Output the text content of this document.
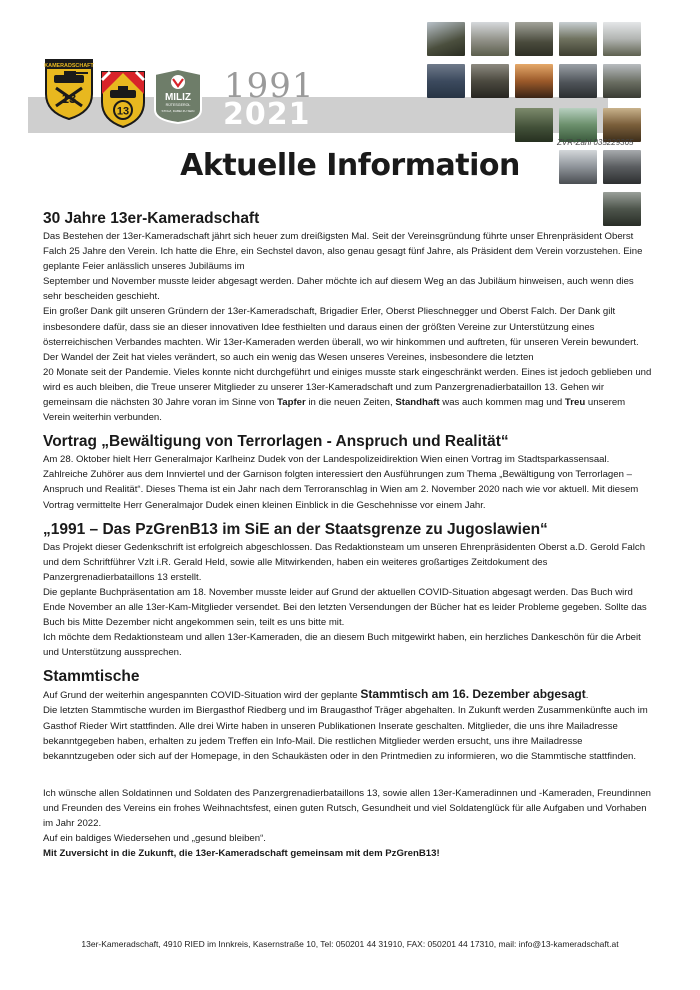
KAMERADSCHAFT
13
13
MILIZ
RÜTESGEROL
STOLZ, DABEI ZU SEIN
1991
2021
ZVR-Zahl 035229365
Aktuelle Information
30 Jahre 13er-Kameradschaft

Das Bestehen der 13er-Kameradschaft jährt sich heuer zum dreißigsten Mal. Seit der Vereinsgründung führte unser Ehrenpräsident Oberst Falch 25 Jahre den Verein. Ich hatte die Ehre, ein Sechstel davon, also genau gesagt fünf Jahre, als Präsident dem Verein vorzustehen. Eine geplante Feier anlässlich unseres Jubiläums im

September und November musste leider abgesagt werden. Daher möchte ich auf diesem Weg an das Jubiläum hinweisen, auch wenn dies sehr bescheiden geschieht.

Ein großer Dank gilt unseren Gründern der 13er-Kameradschaft, Brigadier Erler, Oberst Plieschnegger und Oberst Falch. Der Dank gilt insbesondere dafür, dass sie an dieser innovativen Idee festhielten und daraus einen der größten Vereine zur Unterstützung eines österreichischen Verbandes machten. Wir 13er-Kameraden werden überall, wo wir hinkommen und auftreten, für unseren Verein bewundert.

Der Wandel der Zeit hat vieles verändert, so auch ein wenig das Wesen unseres Vereines, insbesondere die letzten

20 Monate seit der Pandemie. Vieles konnte nicht durchgeführt und einiges musste stark eingeschränkt werden. Eines ist jedoch geblieben und wird es auch bleiben, die Treue unserer Mitglieder zu unserer 13er-Kameradschaft und zum Panzergrenadierbataillon 13. Gehen wir gemeinsam die nächsten 30 Jahre voran im Sinne von Tapfer in die neuen Zeiten, Standhaft was auch kommen mag und Treu unserem Verein weiterhin verbunden.

Vortrag „Bewältigung von Terrorlagen - Anspruch und Realität“

Am 28. Oktober hielt Herr Generalmajor Karlheinz Dudek von der Landespolizeidirektion Wien einen Vortrag im Stadtsparkassensaal. Zahlreiche Zuhörer aus dem Innviertel und der Garnison folgten interessiert den Ausführungen zum Thema „Bewältigung von Terrorlagen – Anspruch und Realität“. Dieses Thema ist ein Jahr nach dem Terroranschlag in Wien am 2. November 2020 nach wie vor aktuell. Mit diesem Vortrag vermittelte Herr Generalmajor Dudek einen kleinen Einblick in die Geschehnisse vor einem Jahr.

„1991 – Das PzGrenB13 im SiE an der Staatsgrenze zu Jugoslawien“

Das Projekt dieser Gedenkschrift ist erfolgreich abgeschlossen. Das Redaktionsteam um unseren Ehrenpräsidenten Oberst a.D. Gerold Falch und dem Schriftführer Vzlt i.R. Gerald Held, sowie alle Mitwirkenden, haben ein weiteres großartiges Zeitdokument des Panzergrenadierbataillons 13 erstellt.

Die geplante Buchpräsentation am 18. November musste leider auf Grund der aktuellen COVID-Situation abgesagt werden. Das Buch wird Ende November an alle 13er-Kam-Mitglieder versendet. Bei den letzten Versendungen der Bücher hat es leider Probleme gegeben. Sollte das Buch bis Mitte Dezember nicht angekommen sein, teilt es uns bitte mit.

Ich möchte dem Redaktionsteam und allen 13er-Kameraden, die an diesem Buch mitgewirkt haben, ein herzliches Dankeschön für die Arbeit und Unterstützung aussprechen.

Stammtische

Auf Grund der weiterhin angespannten COVID-Situation wird der geplante Stammtisch am 16. Dezember abgesagt.

Die letzten Stammtische wurden im Biergasthof Riedberg und im Braugasthof Träger abgehalten. In Zukunft werden Zusammenkünfte auch im Gasthof Rieder Wirt stattfinden. Alle drei Wirte haben in unseren Publikationen Inserate geschalten. Mitglieder, die uns ihre Mailadresse bekanntgegeben haben, erhalten zu jedem Treffen ein Info-Mail. Die restlichen Mitglieder werden ersucht, uns ihre Mailadresse bekanntzugeben oder sich auf der Homepage, in den Schaukästen oder in den Printmedien zu informieren, wo die Stammtische stattfinden.

Ich wünsche allen Soldatinnen und Soldaten des Panzergrenadierbataillons 13, sowie allen 13er-Kameradinnen und -Kameraden, Freundinnen und Freunden des Vereins ein frohes Weihnachtsfest, einen guten Rutsch, Gesundheit und viel Soldatenglück für alle Aufgaben und Vorhaben im Jahr 2022.

Auf ein baldiges Wiedersehen und „gesund bleiben“.

Mit Zuversicht in die Zukunft, die 13er-Kameradschaft gemeinsam mit dem PzGrenB13!

13er-Kameradschaft, 4910 RIED im Innkreis, Kasernstraße 10, Tel: 050201 44 31910, FAX: 050201 44 17310, mail: info@13-kameradschaft.at
